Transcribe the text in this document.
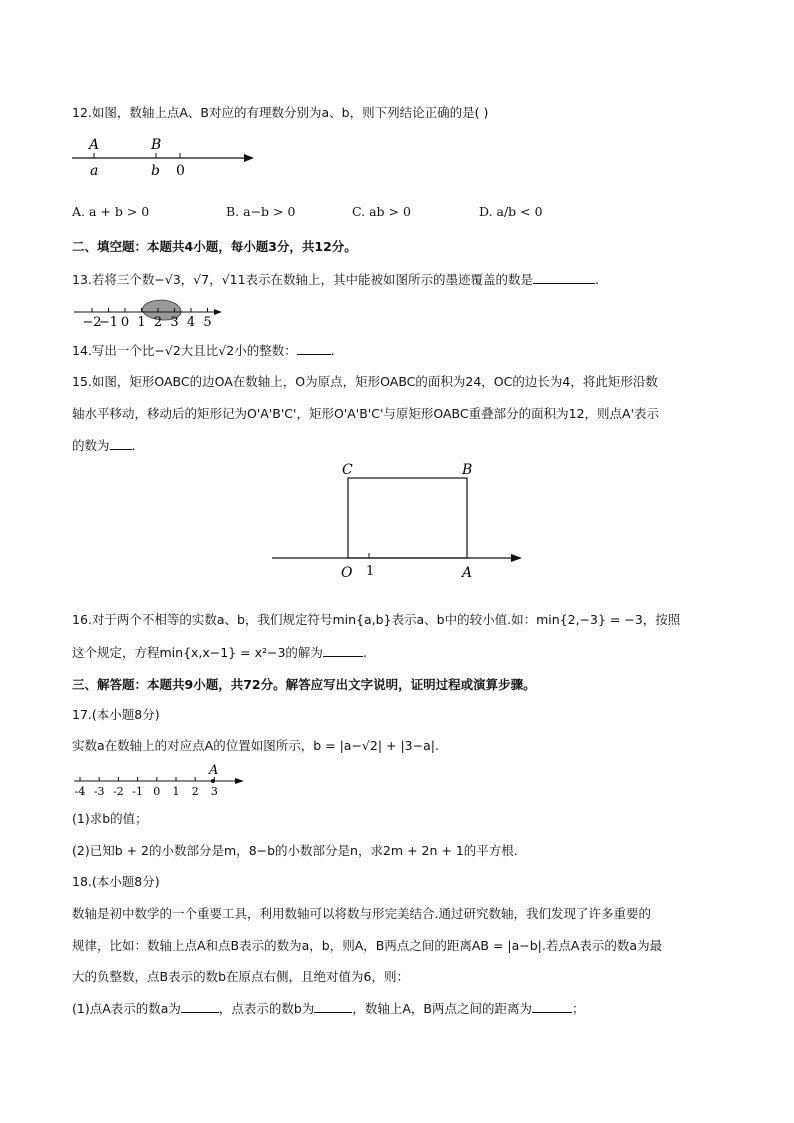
12.如图，数轴上点A、B对应的有理数分别为a、b，则下列结论正确的是( )
A	B
a	b 0
A. a + b > 0	B. a−b > 0	C. ab > 0	D. a/b < 0
二、填空题：本题共4小题，每小题3分，共12分。
13.若将三个数−√3，√7，√11表示在数轴上，其中能被如图所示的墨迹覆盖的数是	.
−2
−1 0 1 2 3 4 5
14.写出一个比−√2大且比√2小的整数：	.
15.如图，矩形OABC的边OA在数轴上，O为原点，矩形OABC的面积为24，OC的边长为4，将此矩形沿数
轴水平移动，移动后的矩形记为O'A'B'C'，矩形O'A'B'C'与原矩形OABC重叠部分的面积为12，则点A'表示
的数为 .
C	B
O 1	A
16.对于两个不相等的实数a、b，我们规定符号min{a,b}表示a、b中的较小值.如：min{2,−3} = −3，按照
这个规定，方程min{x,x−1} = x²−3的解为	.
三、解答题：本题共9小题，共72分。解答应写出文字说明，证明过程或演算步骤。
17.(本小题8分)
实数a在数轴上的对应点A的位置如图所示，b = |a−√2| + |3−a|.
A
-4 -3 -2 -1 0 1 2 3
(1)求b的值；
(2)已知b + 2的小数部分是m，8−b的小数部分是n，求2m + 2n + 1的平方根.
18.(本小题8分)
数轴是初中数学的一个重要工具，利用数轴可以将数与形完美结合.通过研究数轴，我们发现了许多重要的
规律，比如：数轴上点A和点B表示的数为a，b，则A，B两点之间的距离AB = |a−b|.若点A表示的数a为最
大的负整数，点B表示的数b在原点右侧，且绝对值为6，则：
(1)点A表示的数a为	，点表示的数b为	，数轴上A，B两点之间的距离为	；
